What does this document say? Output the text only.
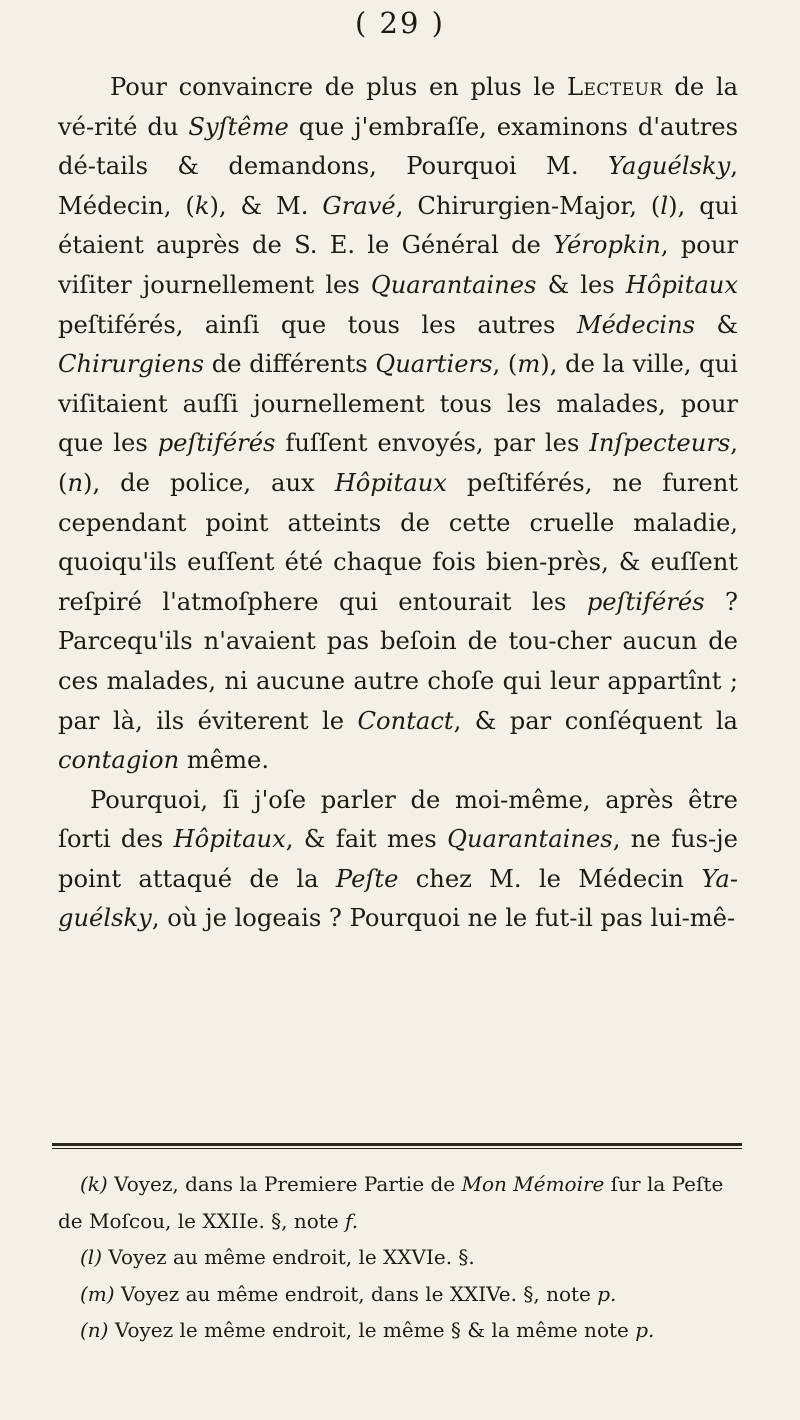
( 29 )

Pour convaincre de plus en plus le Lecteur de la vé-rité du Syſtême que j'embraſſe, examinons d'autres dé-tails & demandons, Pourquoi M. Yaguélsky, Médecin, (k), & M. Gravé, Chirurgien-Major, (l), qui étaient auprès de S. E. le Général de Yéropkin, pour viſiter journellement les Quarantaines & les Hôpitaux peſtiférés, ainſi que tous les autres Médecins & Chirurgiens de différents Quartiers, (m), de la ville, qui viſitaient auſſi journellement tous les malades, pour que les peſtiférés fuſſent envoyés, par les Inſpecteurs, (n), de police, aux Hôpitaux peſtiférés, ne furent cependant point atteints de cette cruelle maladie, quoiqu'ils euſſent été chaque fois bien-près, & euſſent reſpiré l'atmoſphere qui entourait les peſtiférés ? Parcequ'ils n'avaient pas beſoin de tou-cher aucun de ces malades, ni aucune autre choſe qui leur appartînt ; par là, ils éviterent le Contact, & par conſéquent la contagion même.

Pourquoi, ſi j'oſe parler de moi-même, après être ſorti des Hôpitaux, & fait mes Quarantaines, ne fus-je point attaqué de la Peſte chez M. le Médecin Ya-guélsky, où je logeais ? Pourquoi ne le fut-il pas lui-mê-

(k) Voyez, dans la Premiere Partie de Mon Mémoire ſur la Peſte de Moſcou, le XXIIe. §, note f.

(l) Voyez au même endroit, le XXVIe. §.

(m) Voyez au même endroit, dans le XXIVe. §, note p.

(n) Voyez le même endroit, le même § & la même note p.
